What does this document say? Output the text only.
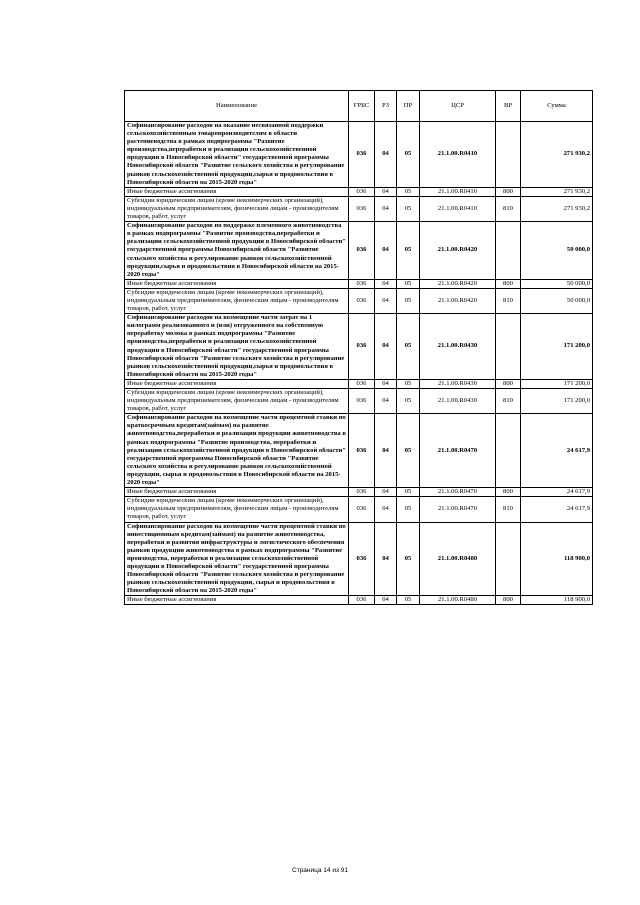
Наименование	ГРБС	РЗ	ПР	ЦСР	ВР	Сумма
Софинансирование расходов на оказание несвязанной поддержки сельскохозяйственным товаропроизводителям в области растениеводства в рамках подпрограммы "Развитие производства,переработки и реализации сельскохозяйственной продукции в Новосибирской области" государственной программы Новосибирской области "Развитие сельского хозяйства и регулирование рынков сельскохозяйственной продукции,сырья и продовольствия в Новосибирской области на 2015-2020 годы"	036	04	05	21.1.00.R0410		271 930,2
Иные бюджетные ассигнования	036	04	05	21.1.00.R0410	800	271 930,2
Субсидии юридическим лицам (кроме некоммерческих организаций), индивидуальным предпринимателям, физическим лицам - производителям товаров, работ, услуг	036	04	05	21.1.00.R0410	810	271 930,2
Софинансирование расходов по поддержке племенного животноводства в рамках подпрограммы "Развитие производства,переработки и реализации сельскохозяйственной продукции в Новосибирской области" государственной программы Новосибирской области "Развитие сельского хозяйства и регулирование рынков сельскохозяйственной продукции,сырья и продовольствия в Новосибирской области на 2015-2020 годы"	036	04	05	21.1.00.R0420		50 000,0
Иные бюджетные ассигнования	036	04	05	21.1.00.R0420	800	50 000,0
Субсидии юридическим лицам (кроме некоммерческих организаций), индивидуальным предпринимателям, физическим лицам - производителям товаров, работ, услуг	036	04	05	21.1.00.R0420	810	50 000,0
Софинансирование расходов на возмещение части затрат на 1 килограмм реализованного и (или) отгруженного на собственную переработку молока в рамках подпрограммы "Развитие производства,переработки и реализации сельскохозяйственной продукции в Новосибирской области" государственной программы Новосибирской области "Развитие сельского хозяйства и регулирование рынков сельскохозяйственной продукции,сырья и продовольствия в Новосибирской области на 2015-2020 годы"	036	04	05	21.1.00.R0430		171 200,0
Иные бюджетные ассигнования	036	04	05	21.1.00.R0430	800	171 200,0
Субсидии юридическим лицам (кроме некоммерческих организаций), индивидуальным предпринимателям, физическим лицам - производителям товаров, работ, услуг	036	04	05	21.1.00.R0430	810	171 200,0
Софинансирование расходов на возмещение части процентной ставки по краткосрочным кредитам(займам) на развитие животноводства,переработки и реализации продукции животноводства в рамках подпрограммы "Развитие производства, переработки и реализации сельскохозяйственной продукции в Новосибирской области" государственной программы Новосибирской области "Развитие сельского хозяйства и регулирование рынков сельскохозяйственной продукции, сырья и продовольствия в Новосибирской области на 2015-2020 годы"	036	04	05	21.1.00.R0470		24 617,9
Иные бюджетные ассигнования	036	04	05	21.1.00.R0470	800	24 617,9
Субсидии юридическим лицам (кроме некоммерческих организаций), индивидуальным предпринимателям, физическим лицам - производителям товаров, работ, услуг	036	04	05	21.1.00.R0470	810	24 617,9
Софинансирование расходов на возмещение части процентной ставки по инвестиционным кредитам(займам) на развитие животноводства, переработки и развития инфраструктуры и логистического обеспечения рынков продукции животноводства в рамках подпрограммы "Развитие производства, переработки и реализации сельскохозяйственной продукции в Новосибирской области" государственной программы Новосибирской области "Развитие сельского хозяйства и регулирование рынков сельскохозяйственной продукции, сырья и продовольствия в Новосибирской области на 2015-2020 годы"	036	04	05	21.1.00.R0480		118 900,0
Иные бюджетные ассигнования	036	04	05	21.1.00.R0480	800	118 900,0
Страница 14 из 91
